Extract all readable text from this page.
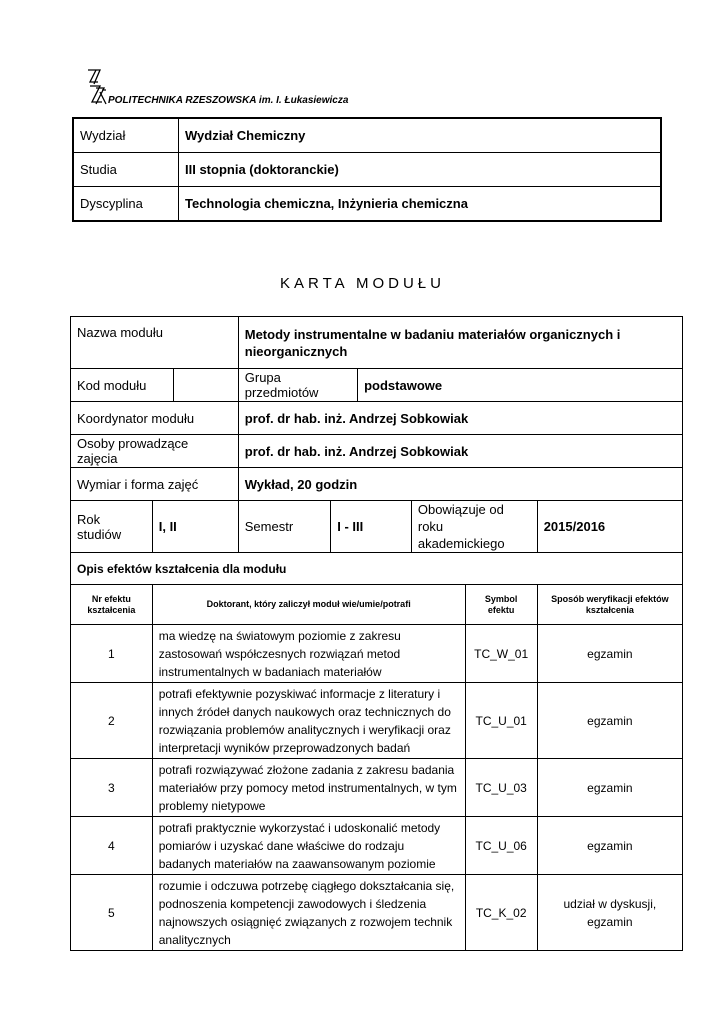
POLITECHNIKA RZESZOWSKA im. I. Łukasiewicza
Wydział	Wydział Chemiczny
Studia	III stopnia (doktoranckie)
Dyscyplina	Technologia chemiczna, Inżynieria chemiczna
KARTA MODUŁU
Nazwa modułu			Metody instrumentalne w badaniu materiałów organicznych i nieorganicznych					
Kod modułu			Grupa przedmiotów		podstawowe			
Koordynator modułu			prof. dr hab. inż. Andrzej Sobkowiak					
Osoby prowadzące zajęcia			prof. dr hab. inż. Andrzej Sobkowiak					
Wymiar i forma zajęć			Wykład, 20 godzin					
Rok studiów	I, II		Semestr	I - III		Obowiązuje od roku akademickiego		2015/2016
Opis efektów kształcenia dla modułu								
Nr efektu kształcenia	Doktorant, który zaliczył moduł wie/umie/potrafi						Symbol efektu	Sposób weryfikacji efektów kształcenia
1	ma wiedzę na światowym poziomie z zakresu zastosowań współczesnych rozwiązań metod instrumentalnych w badaniach materiałów						TC_W_01	egzamin
2	potrafi efektywnie pozyskiwać informacje z literatury i innych źródeł danych naukowych oraz technicznych do rozwiązania problemów analitycznych i weryfikacji oraz interpretacji wyników przeprowadzonych badań						TC_U_01	egzamin
3	potrafi rozwiązywać złożone zadania z zakresu badania materiałów przy pomocy metod instrumentalnych, w tym problemy nietypowe						TC_U_03	egzamin
4	potrafi praktycznie wykorzystać i udoskonalić metody pomiarów i uzyskać dane właściwe do rodzaju badanych materiałów na zaawansowanym poziomie						TC_U_06	egzamin
5	rozumie i odczuwa potrzebę ciągłego dokształcania się, podnoszenia kompetencji zawodowych i śledzenia najnowszych osiągnięć związanych z rozwojem technik analitycznych						TC_K_02	udział w dyskusji, egzamin
